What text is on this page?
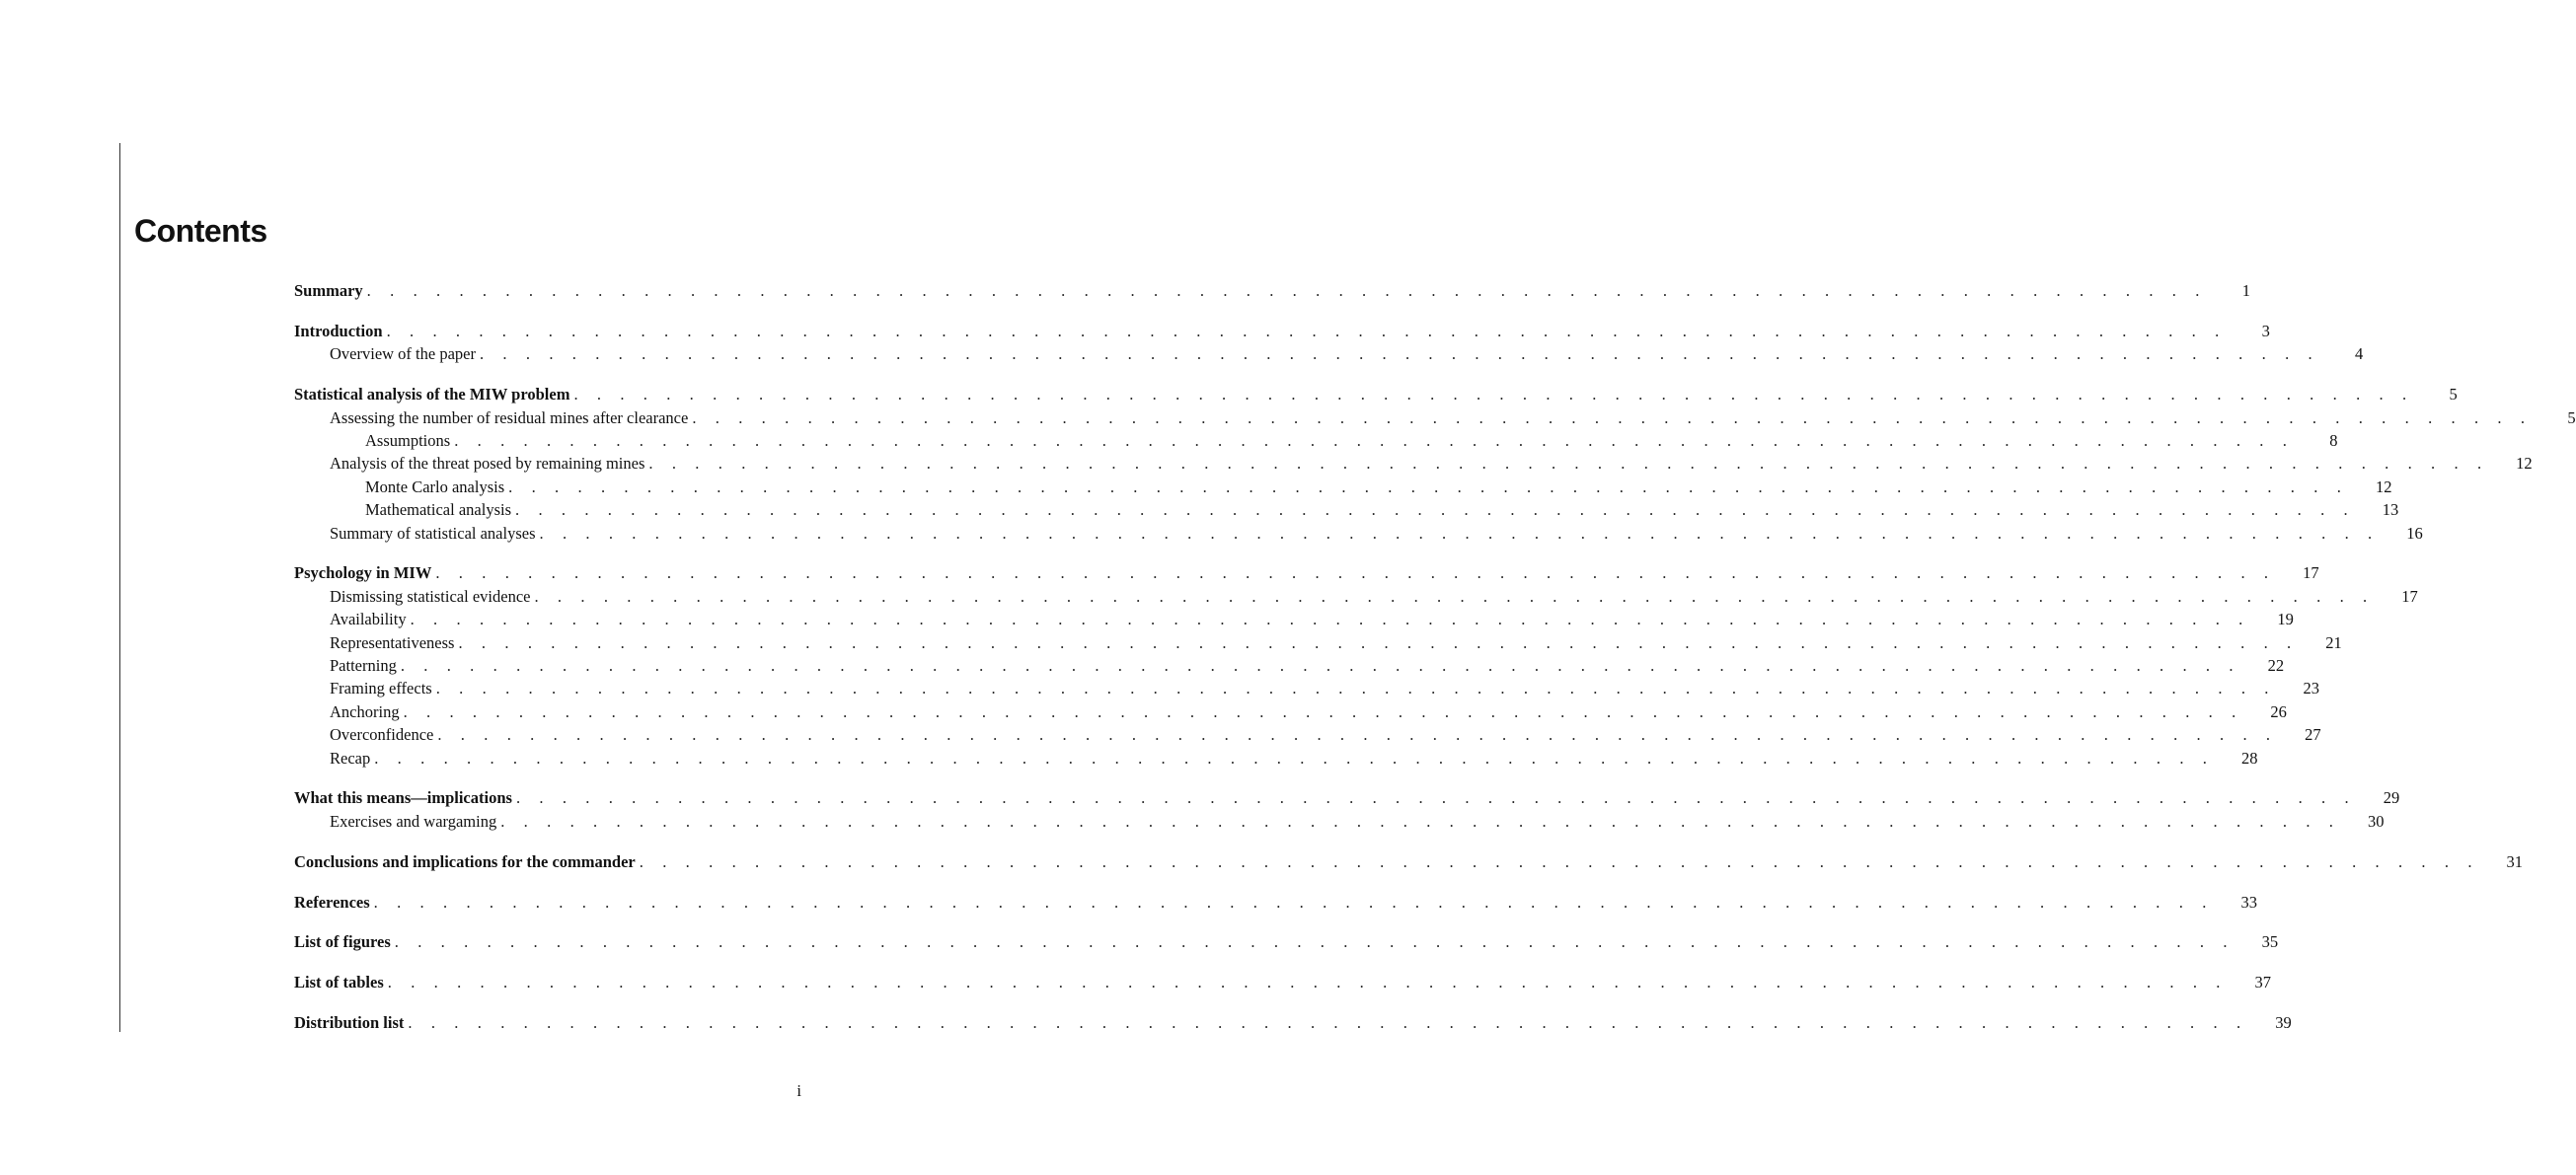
Contents
Summary . . . . . . . . . . . . . . . . . . . . . . . . . . . . . . . . . . . . . . . . . . . . . . . . . . . . . . . . . . . . . . . . . . . . . . . . . . . . . . . .	1
Introduction . . . . . . . . . . . . . . . . . . . . . . . . . . . . . . . . . . . . . . . . . . . . . . . . . . . . . . . . . . . . . . . . . . . . . . . . . . . . . . . .	3
Overview of the paper . . . . . . . . . . . . . . . . . . . . . . . . . . . . . . . . . . . . . . . . . . . . . . . . . . . . . . . . . . . . . . . . . . . . . . . . . . . . . . . .	4
Statistical analysis of the MIW problem . . . . . . . . . . . . . . . . . . . . . . . . . . . . . . . . . . . . . . . . . . . . . . . . . . . . . . . . . . . . . . . . . . . . . . . . . . . . . . . .	5
Assessing the number of residual mines after clearance . . . . . . . . . . . . . . . . . . . . . . . . . . . . . . . . . . . . . . . . . . . . . . . . . . . . . . . . . . . . . . . . . . . . . . . . . . . . . . . .	5
Assumptions . . . . . . . . . . . . . . . . . . . . . . . . . . . . . . . . . . . . . . . . . . . . . . . . . . . . . . . . . . . . . . . . . . . . . . . . . . . . . . . .	8
Analysis of the threat posed by remaining mines . . . . . . . . . . . . . . . . . . . . . . . . . . . . . . . . . . . . . . . . . . . . . . . . . . . . . . . . . . . . . . . . . . . . . . . . . . . . . . . .	12
Monte Carlo analysis . . . . . . . . . . . . . . . . . . . . . . . . . . . . . . . . . . . . . . . . . . . . . . . . . . . . . . . . . . . . . . . . . . . . . . . . . . . . . . . .	12
Mathematical analysis . . . . . . . . . . . . . . . . . . . . . . . . . . . . . . . . . . . . . . . . . . . . . . . . . . . . . . . . . . . . . . . . . . . . . . . . . . . . . . . .	13
Summary of statistical analyses . . . . . . . . . . . . . . . . . . . . . . . . . . . . . . . . . . . . . . . . . . . . . . . . . . . . . . . . . . . . . . . . . . . . . . . . . . . . . . . .	16
Psychology in MIW . . . . . . . . . . . . . . . . . . . . . . . . . . . . . . . . . . . . . . . . . . . . . . . . . . . . . . . . . . . . . . . . . . . . . . . . . . . . . . . .	17
Dismissing statistical evidence . . . . . . . . . . . . . . . . . . . . . . . . . . . . . . . . . . . . . . . . . . . . . . . . . . . . . . . . . . . . . . . . . . . . . . . . . . . . . . . .	17
Availability . . . . . . . . . . . . . . . . . . . . . . . . . . . . . . . . . . . . . . . . . . . . . . . . . . . . . . . . . . . . . . . . . . . . . . . . . . . . . . . .	19
Representativeness . . . . . . . . . . . . . . . . . . . . . . . . . . . . . . . . . . . . . . . . . . . . . . . . . . . . . . . . . . . . . . . . . . . . . . . . . . . . . . . .	21
Patterning . . . . . . . . . . . . . . . . . . . . . . . . . . . . . . . . . . . . . . . . . . . . . . . . . . . . . . . . . . . . . . . . . . . . . . . . . . . . . . . .	22
Framing effects . . . . . . . . . . . . . . . . . . . . . . . . . . . . . . . . . . . . . . . . . . . . . . . . . . . . . . . . . . . . . . . . . . . . . . . . . . . . . . . .	23
Anchoring . . . . . . . . . . . . . . . . . . . . . . . . . . . . . . . . . . . . . . . . . . . . . . . . . . . . . . . . . . . . . . . . . . . . . . . . . . . . . . . .	26
Overconfidence . . . . . . . . . . . . . . . . . . . . . . . . . . . . . . . . . . . . . . . . . . . . . . . . . . . . . . . . . . . . . . . . . . . . . . . . . . . . . . . .	27
Recap . . . . . . . . . . . . . . . . . . . . . . . . . . . . . . . . . . . . . . . . . . . . . . . . . . . . . . . . . . . . . . . . . . . . . . . . . . . . . . . .	28
What this means—implications . . . . . . . . . . . . . . . . . . . . . . . . . . . . . . . . . . . . . . . . . . . . . . . . . . . . . . . . . . . . . . . . . . . . . . . . . . . . . . . .	29
Exercises and wargaming . . . . . . . . . . . . . . . . . . . . . . . . . . . . . . . . . . . . . . . . . . . . . . . . . . . . . . . . . . . . . . . . . . . . . . . . . . . . . . . .	30
Conclusions and implications for the commander . . . . . . . . . . . . . . . . . . . . . . . . . . . . . . . . . . . . . . . . . . . . . . . . . . . . . . . . . . . . . . . . . . . . . . . . . . . . . . . .	31
References . . . . . . . . . . . . . . . . . . . . . . . . . . . . . . . . . . . . . . . . . . . . . . . . . . . . . . . . . . . . . . . . . . . . . . . . . . . . . . . .	33
List of figures . . . . . . . . . . . . . . . . . . . . . . . . . . . . . . . . . . . . . . . . . . . . . . . . . . . . . . . . . . . . . . . . . . . . . . . . . . . . . . . .	35
List of tables . . . . . . . . . . . . . . . . . . . . . . . . . . . . . . . . . . . . . . . . . . . . . . . . . . . . . . . . . . . . . . . . . . . . . . . . . . . . . . . .	37
Distribution list . . . . . . . . . . . . . . . . . . . . . . . . . . . . . . . . . . . . . . . . . . . . . . . . . . . . . . . . . . . . . . . . . . . . . . . . . . . . . . . .	39
i
